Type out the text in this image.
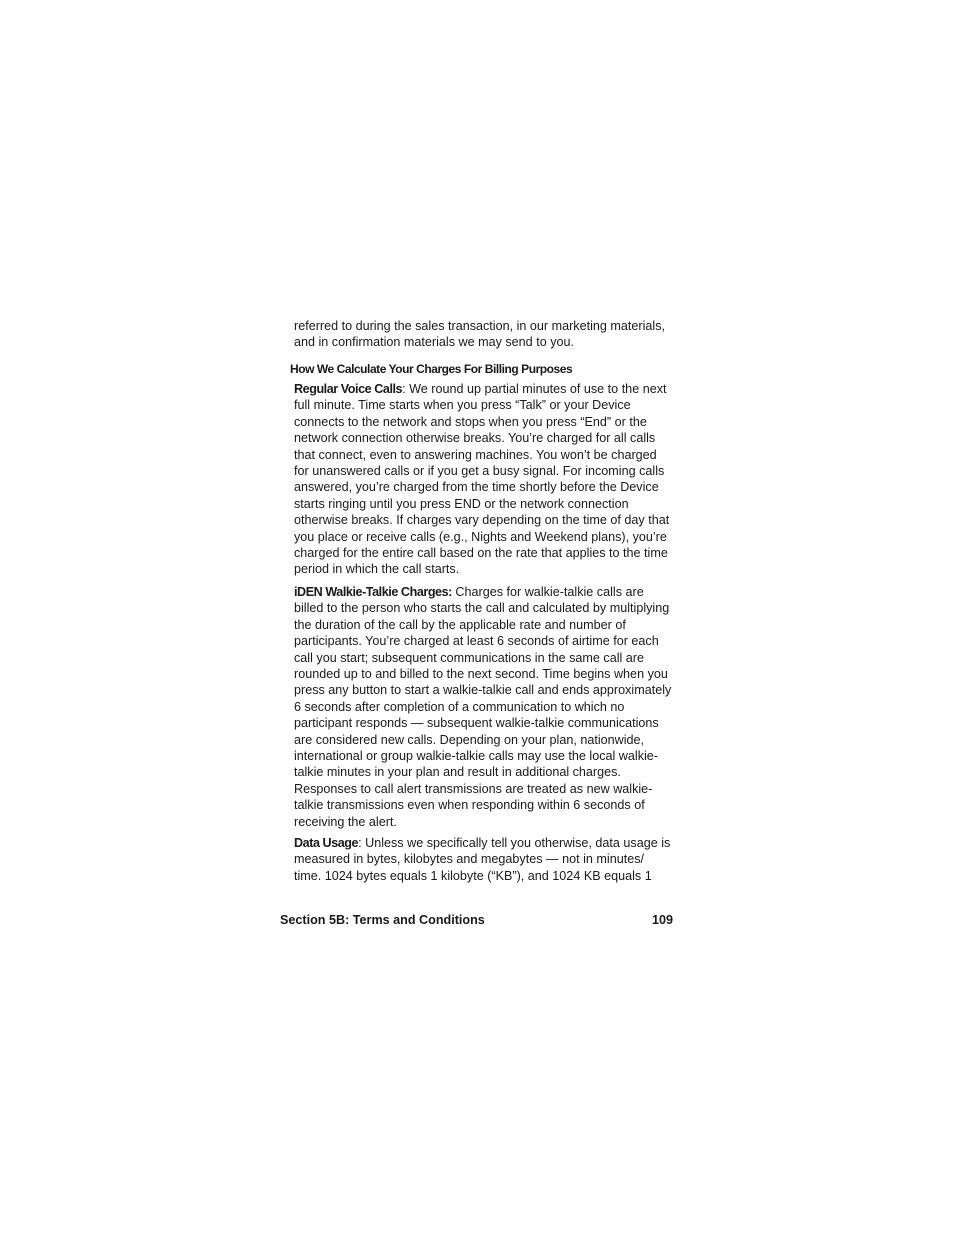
referred to during the sales transaction, in our marketing materials, and in confirmation materials we may send to you.

How We Calculate Your Charges For Billing Purposes

Regular Voice Calls: We round up partial minutes of use to the next full minute. Time starts when you press “Talk” or your Device connects to the network and stops when you press “End” or the network connection otherwise breaks. You’re charged for all calls that connect, even to answering machines. You won’t be charged for unanswered calls or if you get a busy signal. For incoming calls answered, you’re charged from the time shortly before the Device starts ringing until you press END or the network connection otherwise breaks. If charges vary depending on the time of day that you place or receive calls (e.g., Nights and Weekend plans), you’re charged for the entire call based on the rate that applies to the time period in which the call starts.

iDEN Walkie-Talkie Charges: Charges for walkie-talkie calls are billed to the person who starts the call and calculated by multiplying the duration of the call by the applicable rate and number of participants. You’re charged at least 6 seconds of airtime for each call you start; subsequent communications in the same call are rounded up to and billed to the next second. Time begins when you press any button to start a walkie-talkie call and ends approximately 6 seconds after completion of a communication to which no participant responds — subsequent walkie-talkie communications are considered new calls. Depending on your plan, nationwide, international or group walkie-talkie calls may use the local walkie-talkie minutes in your plan and result in additional charges. Responses to call alert transmissions are treated as new walkie-talkie transmissions even when responding within 6 seconds of receiving the alert.

Data Usage: Unless we specifically tell you otherwise, data usage is measured in bytes, kilobytes and megabytes — not in minutes/ time. 1024 bytes equals 1 kilobyte (“KB”), and 1024 KB equals 1

Section 5B: Terms and Conditions	109
